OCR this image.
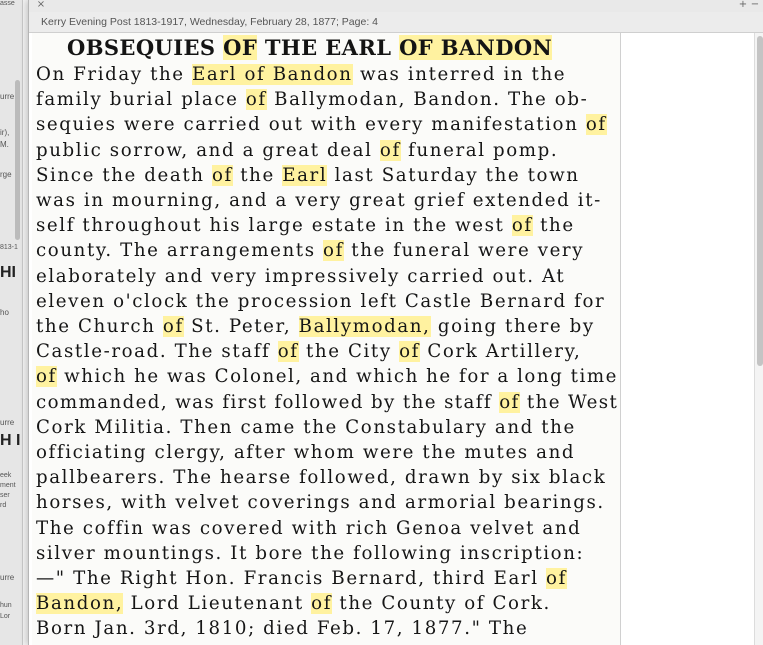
asse
urre
ir),
M.
rge
813-1
HI
ho
urre
H I
eek
ment
ser
rd
urre
hun
Lor
×	+ −
Kerry Evening Post 1813-1917, Wednesday, February 28, 1877; Page: 4
OBSEQUIES OF THE EARL OF BANDON
On Friday the Earl of Bandon was interred in the
family burial place of Ballymodan, Bandon. The ob-
sequies were carried out with every manifestation of
public sorrow, and a great deal of funeral pomp.
Since the death of the Earl last Saturday the town
was in mourning, and a very great grief extended it-
self throughout his large estate in the west of the
county. The arrangements of the funeral were very
elaborately and very impressively carried out. At
eleven o'clock the procession left Castle Bernard for
the Church of St. Peter, Ballymodan, going there by
Castle-road. The staff of the City of Cork Artillery,
of which he was Colonel, and which he for a long time
commanded, was first followed by the staff of the West
Cork Militia. Then came the Constabulary and the
officiating clergy, after whom were the mutes and
pallbearers. The hearse followed, drawn by six black
horses, with velvet coverings and armorial bearings.
The coffin was covered with rich Genoa velvet and
silver mountings. It bore the following inscription:
—" The Right Hon. Francis Bernard, third Earl of
Bandon, Lord Lieutenant of the County of Cork.
Born Jan. 3rd, 1810; died Feb. 17, 1877." The
